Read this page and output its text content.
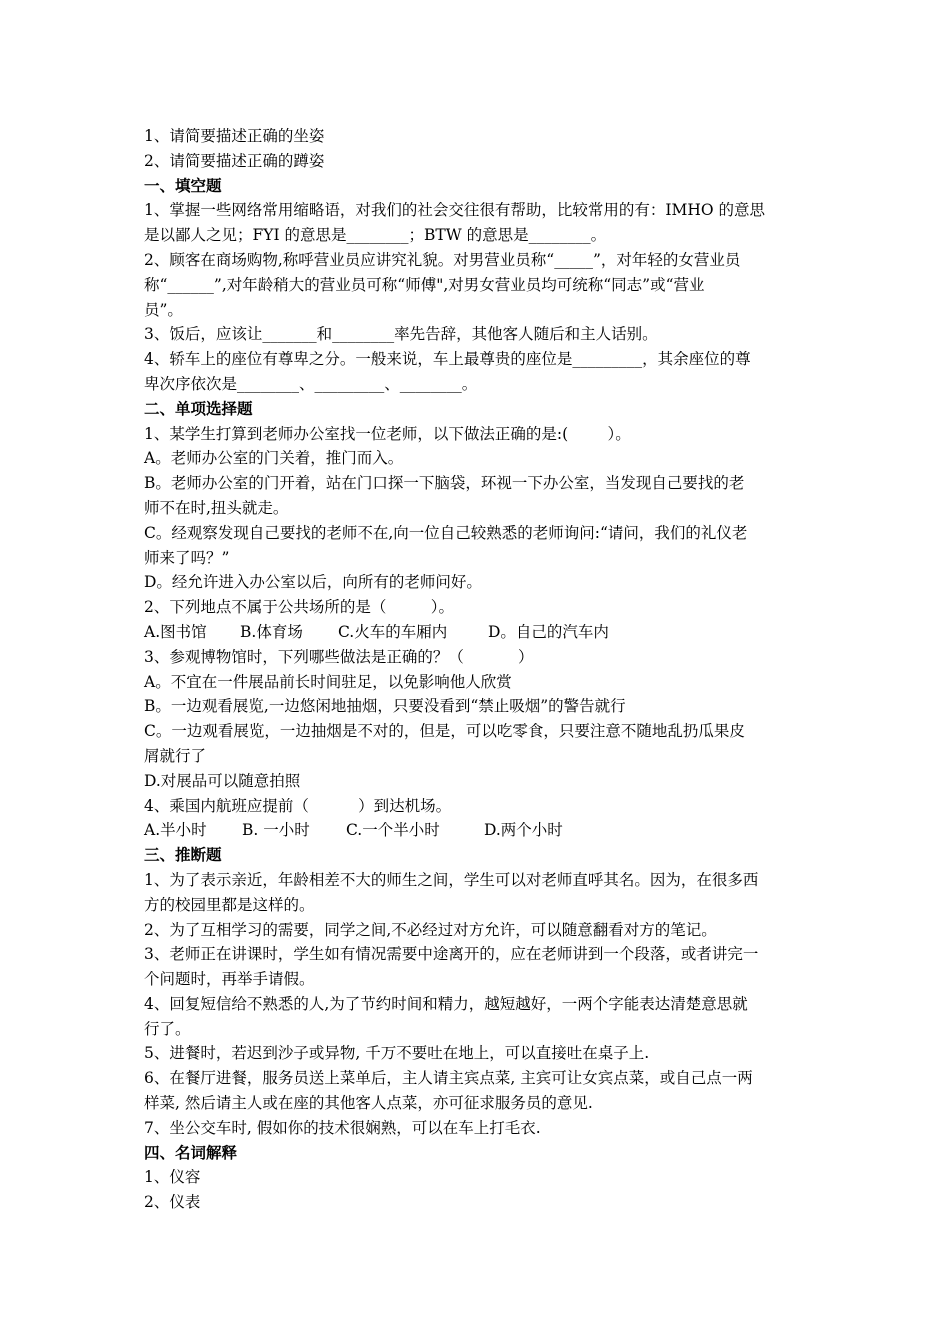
1、请简要描述正确的坐姿
2、请简要描述正确的蹲姿
一、填空题
1、掌握一些网络常用缩略语，对我们的社会交往很有帮助，比较常用的有：IMHO 的意思
是以鄙人之见；FYI 的意思是________；BTW 的意思是________。
2、顾客在商场购物,称呼营业员应讲究礼貌。对男营业员称“_____”，对年轻的女营业员
称“______”,对年龄稍大的营业员可称“师傅",对男女营业员均可统称“同志”或“营业
员”。
3、饭后，应该让_______和________率先告辞，其他客人随后和主人话别。
4、轿车上的座位有尊卑之分。一般来说，车上最尊贵的座位是_________，其余座位的尊
卑次序依次是________、_________、________。
二、单项选择题
1、某学生打算到老师办公室找一位老师，以下做法正确的是:(        ）。
A。老师办公室的门关着，推门而入。
B。老师办公室的门开着，站在门口探一下脑袋，环视一下办公室，当发现自己要找的老
师不在时,扭头就走。
C。经观察发现自己要找的老师不在,向一位自己较熟悉的老师询问:“请问，我们的礼仪老
师来了吗？”
D。经允许进入办公室以后，向所有的老师问好。
2、下列地点不属于公共场所的是（         ）。
A.图书馆	B.体育场	C.火车的车厢内	D。自己的汽车内
3、参观博物馆时，下列哪些做法是正确的？（           ）
A。不宜在一件展品前长时间驻足，以免影响他人欣赏
B。一边观看展览,一边悠闲地抽烟，只要没看到“禁止吸烟”的警告就行
C。一边观看展览，一边抽烟是不对的，但是，可以吃零食，只要注意不随地乱扔瓜果皮
屑就行了
D.对展品可以随意拍照
4、乘国内航班应提前（          ）到达机场。
A.半小时	B. 一小时	C.一个半小时	D.两个小时
三、推断题
1、为了表示亲近，年龄相差不大的师生之间，学生可以对老师直呼其名。因为，在很多西
方的校园里都是这样的。
2、为了互相学习的需要，同学之间,不必经过对方允许，可以随意翻看对方的笔记。
3、老师正在讲课时，学生如有情况需要中途离开的，应在老师讲到一个段落，或者讲完一
个问题时，再举手请假。
4、回复短信给不熟悉的人,为了节约时间和精力，越短越好，一两个字能表达清楚意思就
行了。
5、进餐时，若迟到沙子或异物, 千万不要吐在地上，可以直接吐在桌子上.
6、在餐厅进餐，服务员送上菜单后，主人请主宾点菜, 主宾可让女宾点菜，或自己点一两
样菜, 然后请主人或在座的其他客人点菜，亦可征求服务员的意见.
7、坐公交车时, 假如你的技术很娴熟，可以在车上打毛衣.
四、名词解释
1、仪容
2、仪表
